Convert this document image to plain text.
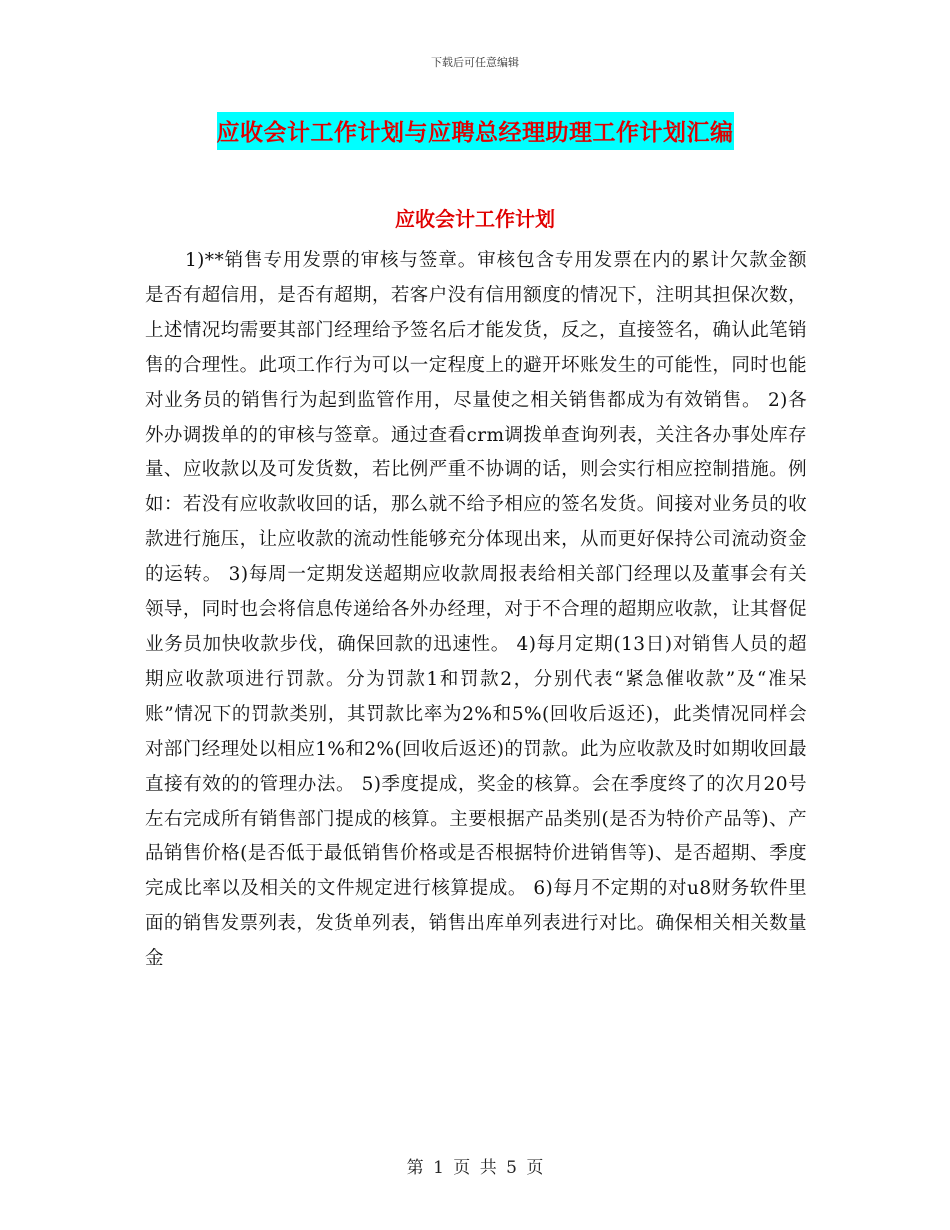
下载后可任意编辑
应收会计工作计划与应聘总经理助理工作计划汇编
应收会计工作计划

1)**销售专用发票的审核与签章。审核包含专用发票在内的累计欠款金额是否有超信用，是否有超期，若客户没有信用额度的情况下，注明其担保次数，上述情况均需要其部门经理给予签名后才能发货，反之，直接签名，确认此笔销售的合理性。此项工作行为可以一定程度上的避开坏账发生的可能性，同时也能对业务员的销售行为起到监管作用，尽量使之相关销售都成为有效销售。 2)各外办调拨单的的审核与签章。通过查看crm调拨单查询列表，关注各办事处库存量、应收款以及可发货数，若比例严重不协调的话，则会实行相应控制措施。例如：若没有应收款收回的话，那么就不给予相应的签名发货。间接对业务员的收款进行施压，让应收款的流动性能够充分体现出来，从而更好保持公司流动资金的运转。 3)每周一定期发送超期应收款周报表给相关部门经理以及董事会有关领导，同时也会将信息传递给各外办经理，对于不合理的超期应收款，让其督促业务员加快收款步伐，确保回款的迅速性。 4)每月定期(13日)对销售人员的超期应收款项进行罚款。分为罚款1和罚款2，分别代表“紧急催收款”及“准呆账”情况下的罚款类别，其罚款比率为2%和5%(回收后返还)，此类情况同样会对部门经理处以相应1%和2%(回收后返还)的罚款。此为应收款及时如期收回最直接有效的的管理办法。 5)季度提成，奖金的核算。会在季度终了的次月20号左右完成所有销售部门提成的核算。主要根据产品类别(是否为特价产品等)、产品销售价格(是否低于最低销售价格或是否根据特价进销售等)、是否超期、季度完成比率以及相关的文件规定进行核算提成。 6)每月不定期的对u8财务软件里面的销售发票列表，发货单列表，销售出库单列表进行对比。确保相关相关数量金

第 1 页 共 5 页
